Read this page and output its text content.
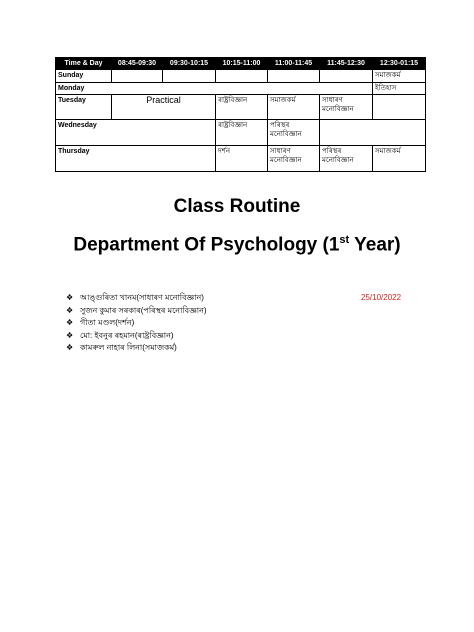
Time & Day	08:45-09:30	09:30-10:15	10:15-11:00	11:00-11:45	11:45-12:30	12:30-01:15
Sunday						সমাজকৰ্ম
Monday						ইতিহাস
Tuesday	Practical		ৰাষ্ট্ৰবিজ্ঞান	সমাজকৰ্ম	সাধাৰণ মনোবিজ্ঞান	
Wednesday			ৰাষ্ট্ৰবিজ্ঞান	পৰিস্থৰ মনোবিজ্ঞান		
Thursday			দৰ্শন	সাধাৰণ মনোবিজ্ঞান	পৰিস্থৰ মনোবিজ্ঞান	সমাজকৰ্ম
Class Routine
Department Of Psychology (1st Year)
❖ আঙ্গুৰিতা খানম(সাধাৰণ মনোবিজ্ঞান)
❖ সুজন কুমাৰ সৰকাৰ(পৰিস্থৰ মনোবিজ্ঞান)
❖ গীতা মণ্ডল(দৰ্শন)
❖ মো: ইবনুৰ ৰহমান(ৰাষ্ট্ৰবিজ্ঞান)
❖ কামৰুল নাহাৰ লিনা(সমাজকৰ্ম)
25/10/2022
